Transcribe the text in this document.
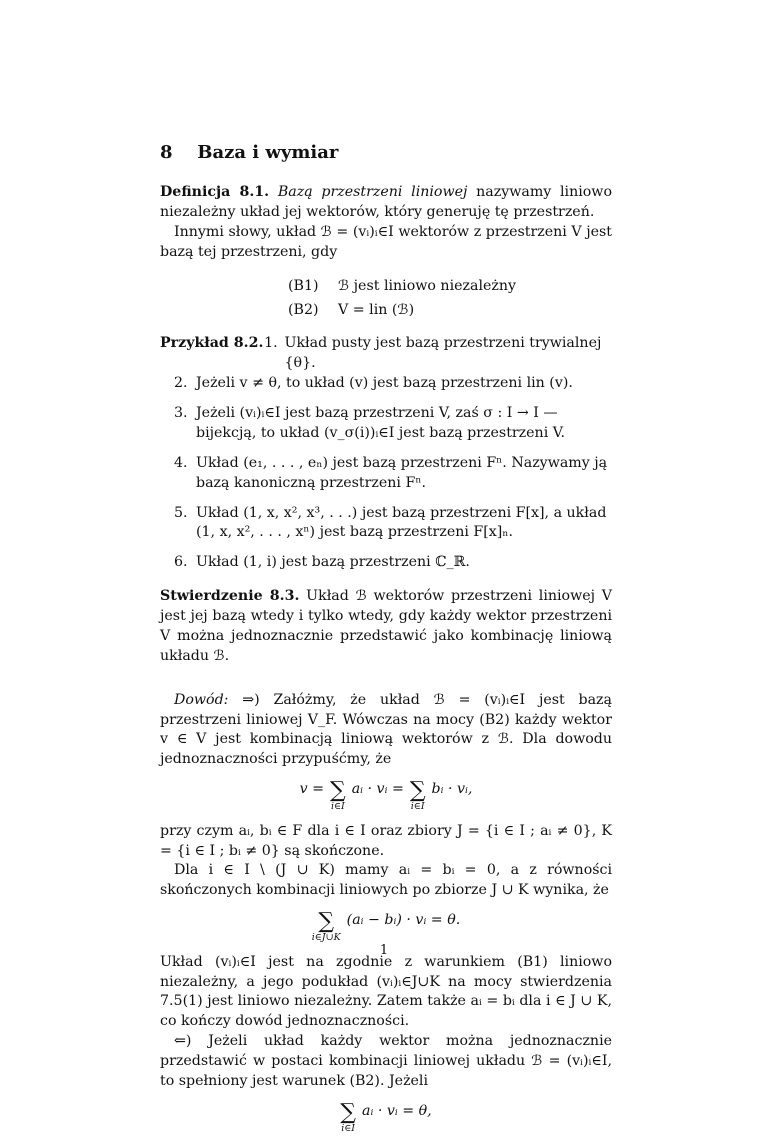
8 Baza i wymiar

Definicja 8.1. Bazą przestrzeni liniowej nazywamy liniowo niezależny układ jej wektorów, który generuję tę przestrzeń.

Innymi słowy, układ ℬ = (vᵢ)ᵢ∈I wektorów z przestrzeni V jest bazą tej przestrzeni, gdy

(B1)	ℬ jest liniowo niezależny
(B2)	V = lin (ℬ)
Przykład 8.2. 1. Układ pusty jest bazą przestrzeni trywialnej {θ}.
2. Jeżeli v ≠ θ, to układ (v) jest bazą przestrzeni lin (v).
3. Jeżeli (vᵢ)ᵢ∈I jest bazą przestrzeni V, zaś σ : I → I — bijekcją, to układ (v_σ(i))ᵢ∈I jest bazą przestrzeni V.
4. Układ (e₁, . . . , eₙ) jest bazą przestrzeni Fⁿ. Nazywamy ją bazą kanoniczną przestrzeni Fⁿ.
5. Układ (1, x, x², x³, . . .) jest bazą przestrzeni F[x], a układ (1, x, x², . . . , xⁿ) jest bazą przestrzeni F[x]ₙ.
6. Układ (1, i) jest bazą przestrzeni ℂ_ℝ.

Stwierdzenie 8.3. Układ ℬ wektorów przestrzeni liniowej V jest jej bazą wtedy i tylko wtedy, gdy każdy wektor przestrzeni V można jednoznacznie przedstawić jako kombinację liniową układu ℬ.

Dowód: ⇒) Załóżmy, że układ ℬ = (vᵢ)ᵢ∈I jest bazą przestrzeni liniowej V_F. Wówczas na mocy (B2) każdy wektor v ∈ V jest kombinacją liniową wektorów z ℬ. Dla dowodu jednoznaczności przypuśćmy, że

v = ∑
i∈I
aᵢ · vᵢ = ∑
i∈I
bᵢ · vᵢ,

przy czym aᵢ, bᵢ ∈ F dla i ∈ I oraz zbiory J = {i ∈ I ; aᵢ ≠ 0}, K = {i ∈ I ; bᵢ ≠ 0} są skończone.

Dla i ∈ I \ (J ∪ K) mamy aᵢ = bᵢ = 0, a z równości skończonych kombinacji liniowych po zbiorze J ∪ K wynika, że

∑
i∈J∪K
(aᵢ − bᵢ) · vᵢ = θ.

Układ (vᵢ)ᵢ∈I jest na zgodnie z warunkiem (B1) liniowo niezależny, a jego podukład (vᵢ)ᵢ∈J∪K na mocy stwierdzenia 7.5(1) jest liniowo niezależny. Zatem także aᵢ = bᵢ dla i ∈ J ∪ K, co kończy dowód jednoznaczności.

⇐) Jeżeli układ każdy wektor można jednoznacznie przedstawić w postaci kombinacji liniowej układu ℬ = (vᵢ)ᵢ∈I, to spełniony jest warunek (B2). Jeżeli

∑
i∈I
aᵢ · vᵢ = θ,
1
